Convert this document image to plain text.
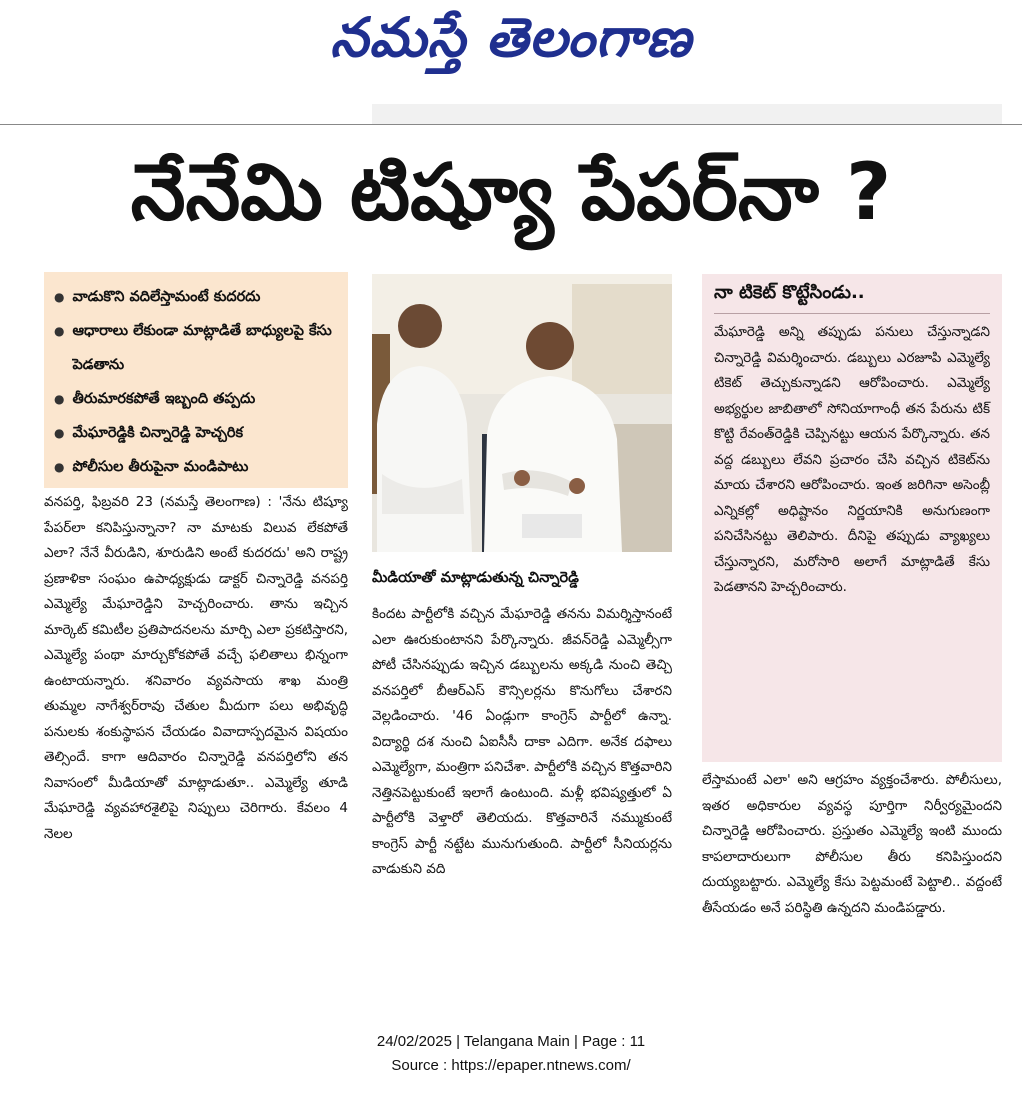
నమస్తే తెలంగాణ
నేనేమి టిష్యూ పేపర్‌నా ?
● వాడుకొని వదిలేస్తామంటే కుదరదు
● ఆధారాలు లేకుండా మాట్లాడితే బాధ్యులపై కేసు పెడతాను
● తీరుమారకపోతే ఇబ్బంది తప్పదు
● మేఘారెడ్డికి చిన్నారెడ్డి హెచ్చరిక
● పోలీసుల తీరుపైనా మండిపాటు
మీడియాతో మాట్లాడుతున్న చిన్నారెడ్డి
నా టికెట్ కొట్టేసిండు..
మేఘారెడ్డి అన్ని తప్పుడు పనులు చేస్తున్నాడని చిన్నారెడ్డి విమర్శించారు. డబ్బులు ఎరజూపి ఎమ్మెల్యే టికెట్ తెచ్చుకున్నాడని ఆరోపించారు. ఎమ్మెల్యే అభ్యర్థుల జాబితాలో సోనియాగాంధీ తన పేరును టిక్ కొట్టి రేవంత్‌రెడ్డికి చెప్పినట్టు ఆయన పేర్కొన్నారు. తన వద్ద డబ్బులు లేవని ప్రచారం చేసి వచ్చిన టికెట్‌ను మాయ చేశారని ఆరోపించారు. ఇంత జరిగినా అసెంబ్లీ ఎన్నికల్లో అధిష్టానం నిర్ణయానికి అనుగుణంగా పనిచేసినట్టు తెలిపారు. దీనిపై తప్పుడు వ్యాఖ్యలు చేస్తున్నారని, మరోసారి అలాగే మాట్లాడితే కేసు పెడతానని హెచ్చరించారు.
వనపర్తి, ఫిబ్రవరి 23 (నమస్తే తెలంగాణ) : 'నేను టిష్యూ పేపర్‌లా కనిపిస్తున్నానా? నా మాటకు విలువ లేకపోతే ఎలా? నేనే వీరుడిని, శూరుడిని అంటే కుదరదు' అని రాష్ట్ర ప్రణాళికా సంఘం ఉపాధ్యక్షుడు డాక్టర్ చిన్నారెడ్డి వనపర్తి ఎమ్మెల్యే మేఘారెడ్డిని హెచ్చరించారు. తాను ఇచ్చిన మార్కెట్ కమిటీల ప్రతిపాదనలను మార్చి ఎలా ప్రకటిస్తారని, ఎమ్మెల్యే పంథా మార్చుకోకపోతే వచ్చే ఫలితాలు భిన్నంగా ఉంటాయన్నారు. శనివారం వ్యవసాయ శాఖ మంత్రి తుమ్మల నాగేశ్వర్‌రావు చేతుల మీదుగా పలు అభివృద్ధి పనులకు శంకుస్థాపన చేయడం వివాదాస్పదమైన విషయం తెల్సిందే. కాగా ఆదివారం చిన్నారెడ్డి వనపర్తిలోని తన నివాసంలో మీడియాతో మాట్లాడుతూ.. ఎమ్మెల్యే తూడి మేఘారెడ్డి వ్యవహారశైలిపై నిప్పులు చెరిగారు. కేవలం 4 నెలల
కిందట పార్టీలోకి వచ్చిన మేఘారెడ్డి తనను విమర్శిస్తానంటే ఎలా ఊరుకుంటానని పేర్కొన్నారు. జీవన్‌రెడ్డి ఎమ్మెల్సీగా పోటీ చేసినప్పుడు ఇచ్చిన డబ్బులను అక్కడి నుంచి తెచ్చి వనపర్తిలో బీఆర్‌ఎస్ కౌన్సిలర్లను కొనుగోలు చేశారని వెల్లడించారు. '46 ఏండ్లుగా కాంగ్రెస్ పార్టీలో ఉన్నా. విద్యార్థి దశ నుంచి ఏఐసీసీ దాకా ఎదిగా. అనేక దఫాలు ఎమ్మెల్యేగా, మంత్రిగా పనిచేశా. పార్టీలోకి వచ్చిన కొత్తవారిని నెత్తినపెట్టుకుంటే ఇలాగే ఉంటుంది. మళ్లీ భవిష్యత్తులో ఏ పార్టీలోకి వెళ్తారో తెలియదు. కొత్తవారినే నమ్ముకుంటే కాంగ్రెస్ పార్టీ నట్టేట మునుగుతుంది. పార్టీలో సీనియర్లను వాడుకుని వది
లేస్తామంటే ఎలా' అని ఆగ్రహం వ్యక్తంచేశారు. పోలీసులు, ఇతర అధికారుల వ్యవస్థ పూర్తిగా నిర్వీర్యమైందని చిన్నారెడ్డి ఆరోపించారు. ప్రస్తుతం ఎమ్మెల్యే ఇంటి ముందు కాపలాదారులుగా పోలీసుల తీరు కనిపిస్తుందని దుయ్యబట్టారు. ఎమ్మెల్యే కేసు పెట్టమంటే పెట్టాలి.. వద్దంటే తీసేయడం అనే పరిస్థితి ఉన్నదని మండిపడ్డారు.
24/02/2025 | Telangana Main | Page : 11
Source : https://epaper.ntnews.com/
